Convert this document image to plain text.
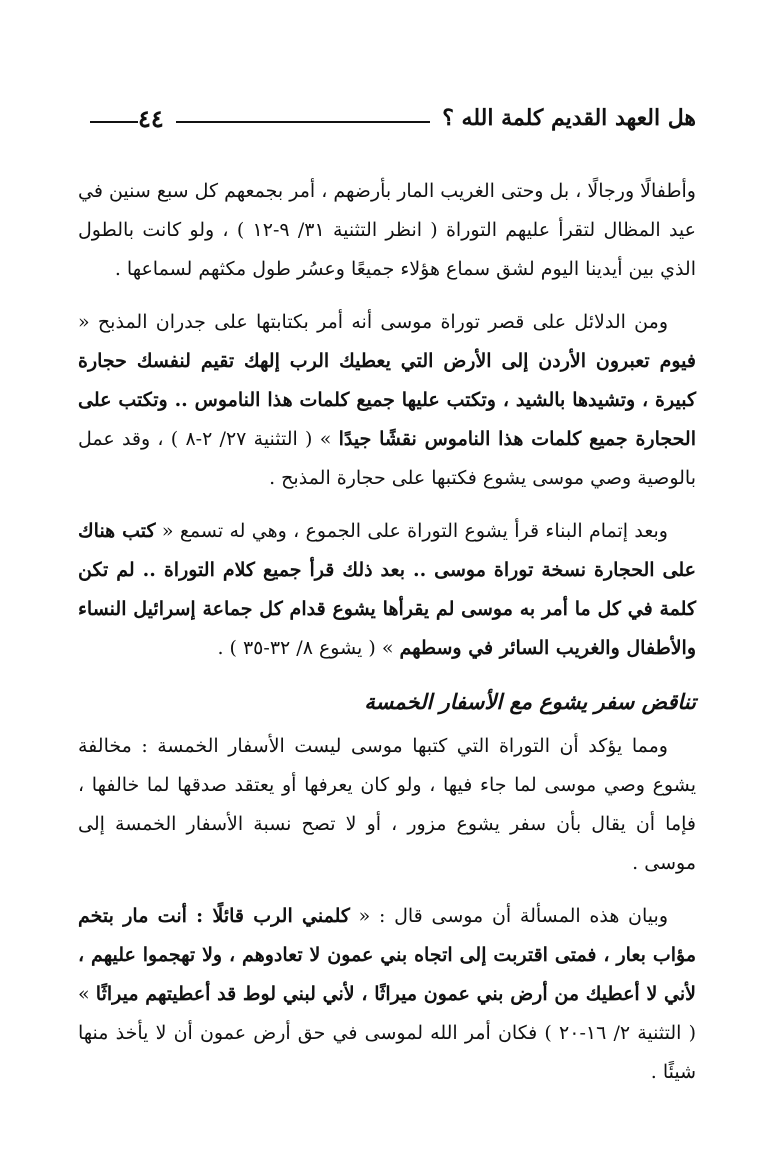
هل العهد القديم كلمة الله ؟
٤٤

وأطفالًا ورجالًا ، بل وحتى الغريب المار بأرضهم ، أمر بجمعهم كل سبع سنين في عيد المظال لتقرأ عليهم التوراة ( انظر التثنية ٣١/ ٩-١٢ ) ، ولو كانت بالطول الذي بين أيدينا اليوم لشق سماع هؤلاء جميعًا وعسُر طول مكثهم لسماعها .

ومن الدلائل على قصر توراة موسى أنه أمر بكتابتها على جدران المذبح « فيوم تعبرون الأردن إلى الأرض التي يعطيك الرب إلهك تقيم لنفسك حجارة كبيرة ، وتشيدها بالشيد ، وتكتب عليها جميع كلمات هذا الناموس .. وتكتب على الحجارة جميع كلمات هذا الناموس نقشًا جيدًا » ( التثنية ٢٧/ ٢-٨ ) ، وقد عمل بالوصية وصي موسى يشوع فكتبها على حجارة المذبح .

وبعد إتمام البناء قرأ يشوع التوراة على الجموع ، وهي له تسمع « كتب هناك على الحجارة نسخة توراة موسى .. بعد ذلك قرأ جميع كلام التوراة .. لم تكن كلمة في كل ما أمر به موسى لم يقرأها يشوع قدام كل جماعة إسرائيل النساء والأطفال والغريب السائر في وسطهم » ( يشوع ٨/ ٣٢-٣٥ ) .

تناقض سفر يشوع مع الأسفار الخمسة

ومما يؤكد أن التوراة التي كتبها موسى ليست الأسفار الخمسة : مخالفة يشوع وصي موسى لما جاء فيها ، ولو كان يعرفها أو يعتقد صدقها لما خالفها ، فإما أن يقال بأن سفر يشوع مزور ، أو لا تصح نسبة الأسفار الخمسة إلى موسى .

وبيان هذه المسألة أن موسى قال : « كلمني الرب قائلًا : أنت مار بتخم مؤاب بعار ، فمتى اقتربت إلى اتجاه بني عمون لا تعادوهم ، ولا تهجموا عليهم ، لأني لا أعطيك من أرض بني عمون ميراثًا ، لأني لبني لوط قد أعطيتهم ميراثًا » ( التثنية ٢/ ١٦-٢٠ ) فكان أمر الله لموسى في حق أرض عمون أن لا يأخذ منها شيئًا .
